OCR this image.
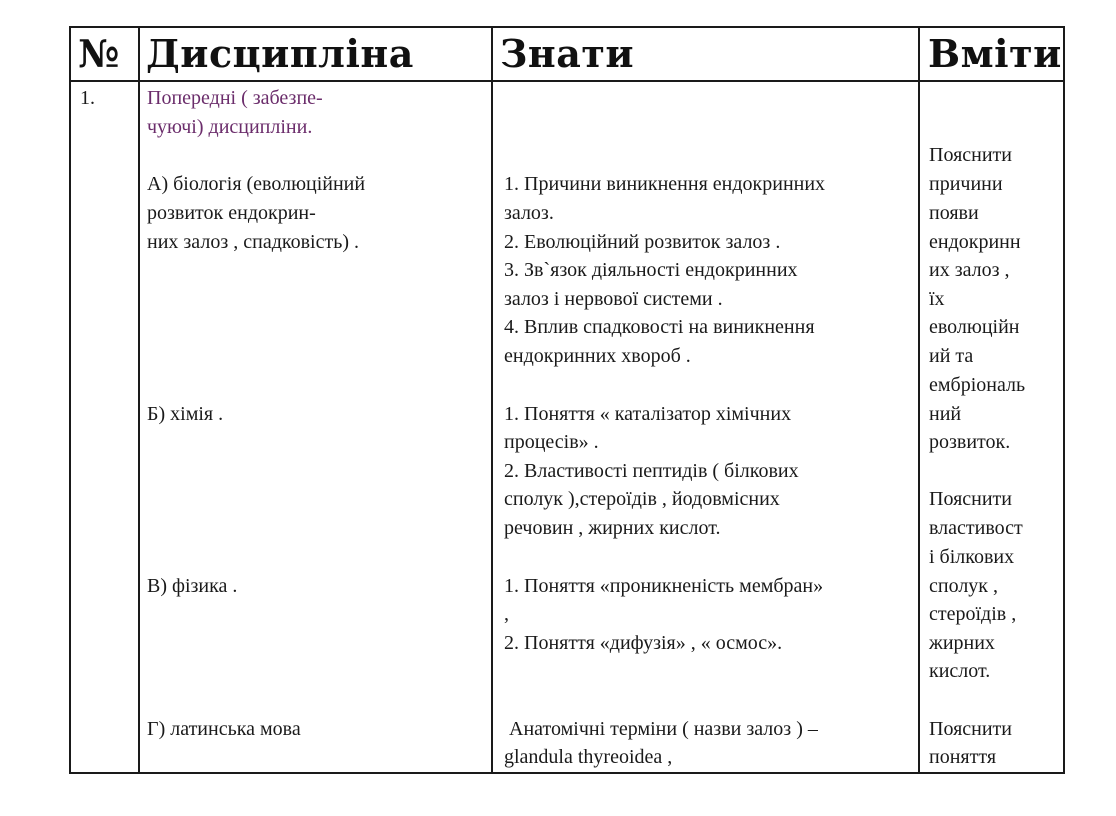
№ Дисципліна Знати	Вміти
1.	Попередні ( забезпе-
чуючі) дисципліни.
А) біологія (еволюційний
розвиток ендокрин-
них залоз , спадковість) .
Б) хімія .
В) фізика .
Г) латинська мова
1. Причини виникнення ендокринних
залоз.
2. Еволюційний розвиток залоз .
3. Зв`язок діяльності ендокринних
залоз і нервової системи .
4. Вплив спадковості на виникнення
ендокринних хвороб .
1. Поняття « каталізатор хімічних
процесів» .
2. Властивості пептидів ( білкових
сполук ),стероїдів , йодовмісних
речовин , жирних кислот.
1. Поняття «проникненість мембран»
,
2. Поняття «дифузія» , « осмос».
Анатомічні терміни ( назви залоз ) –
glandula thyreoidea ,
Пояснити
причини
появи
ендокринн
их залоз ,
їх
еволюційн
ий та
ембріональ
ний
розвиток.
Пояснити
властивост
і білкових
сполук ,
стероїдів ,
жирних
кислот.
Пояснити
поняття
